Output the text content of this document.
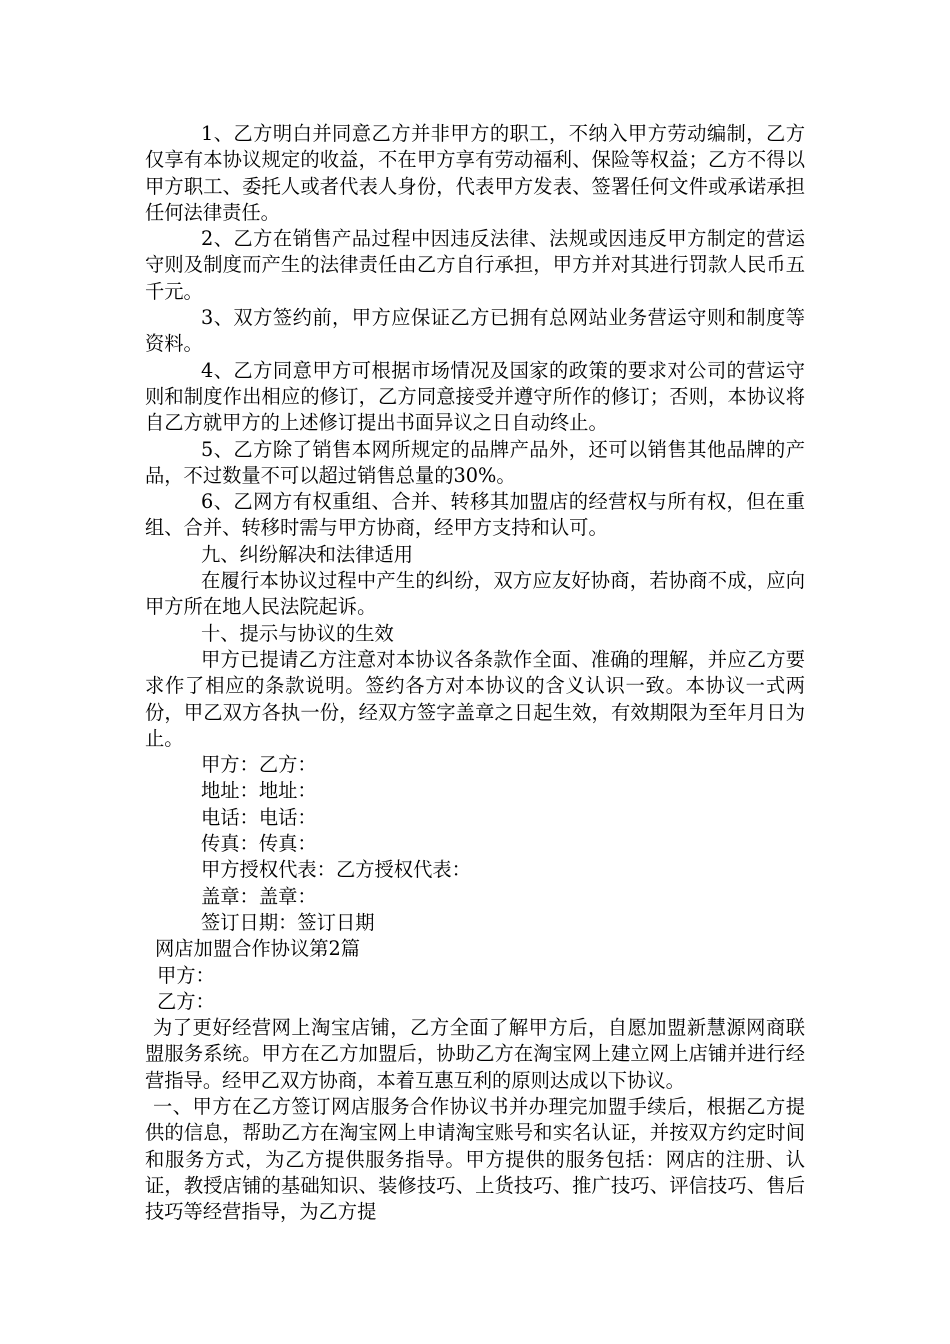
1、乙方明白并同意乙方并非甲方的职工，不纳入甲方劳动编制，乙方仅享有本协议规定的收益，不在甲方享有劳动福利、保险等权益；乙方不得以甲方职工、委托人或者代表人身份，代表甲方发表、签署任何文件或承诺承担任何法律责任。

2、乙方在销售产品过程中因违反法律、法规或因违反甲方制定的营运守则及制度而产生的法律责任由乙方自行承担，甲方并对其进行罚款人民币五千元。

3、双方签约前，甲方应保证乙方已拥有总网站业务营运守则和制度等资料。

4、乙方同意甲方可根据市场情况及国家的政策的要求对公司的营运守则和制度作出相应的修订，乙方同意接受并遵守所作的修订；否则，本协议将自乙方就甲方的上述修订提出书面异议之日自动终止。

5、乙方除了销售本网所规定的品牌产品外，还可以销售其他品牌的产品，不过数量不可以超过销售总量的30%。

6、乙网方有权重组、合并、转移其加盟店的经营权与所有权，但在重组、合并、转移时需与甲方协商，经甲方支持和认可。

九、纠纷解决和法律适用

在履行本协议过程中产生的纠纷，双方应友好协商，若协商不成，应向甲方所在地人民法院起诉。

十、提示与协议的生效

甲方已提请乙方注意对本协议各条款作全面、准确的理解，并应乙方要求作了相应的条款说明。签约各方对本协议的含义认识一致。本协议一式两份，甲乙双方各执一份，经双方签字盖章之日起生效，有效期限为至年月日为止。

甲方：乙方：

地址：地址：

电话：电话：

传真：传真：

甲方授权代表：乙方授权代表：

盖章：盖章：

签订日期：签订日期

网店加盟合作协议第2篇

甲方：

乙方：

为了更好经营网上淘宝店铺，乙方全面了解甲方后，自愿加盟新慧源网商联盟服务系统。甲方在乙方加盟后，协助乙方在淘宝网上建立网上店铺并进行经营指导。经甲乙双方协商，本着互惠互利的原则达成以下协议。

一、甲方在乙方签订网店服务合作协议书并办理完加盟手续后，根据乙方提供的信息，帮助乙方在淘宝网上申请淘宝账号和实名认证，并按双方约定时间和服务方式，为乙方提供服务指导。甲方提供的服务包括：网店的注册、认证，教授店铺的基础知识、装修技巧、上货技巧、推广技巧、评信技巧、售后技巧等经营指导，为乙方提
